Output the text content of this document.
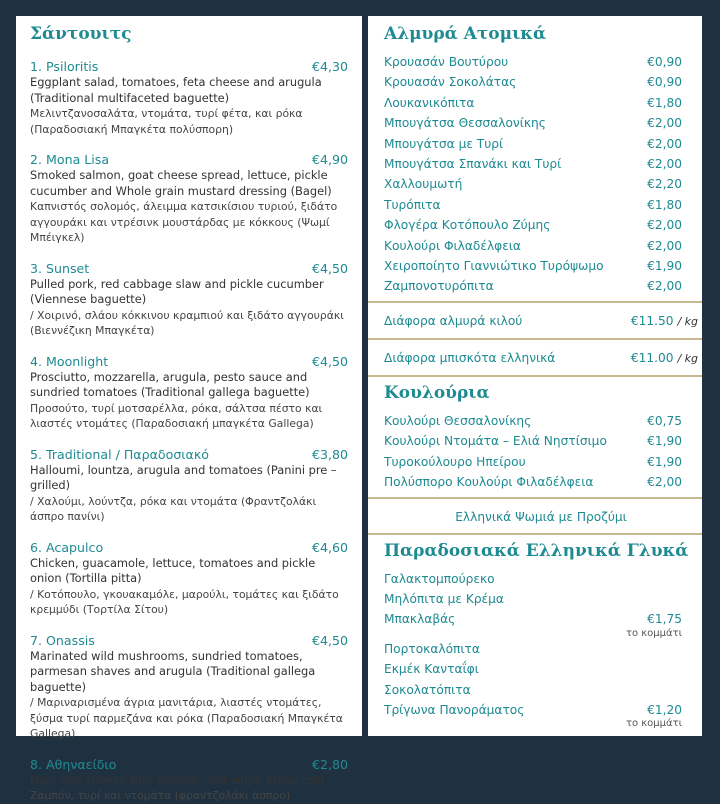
Σάντουιτς
1. Psiloritis	€4,30
Eggplant salad, tomatoes, feta cheese and arugula (Traditional multifaceted baguette)
Μελιντζανοσαλάτα, ντομάτα, τυρί φέτα, και ρόκα (Παραδοσιακή Μπαγκέτα πολύσπορη)
2. Mona Lisa	€4,90
Smoked salmon, goat cheese spread, lettuce, pickle cucumber and Whole grain mustard dressing (Bagel)
Καπνιστός σολομός, άλειμμα κατσικίσιου τυριού, ξιδάτο αγγουράκι και ντρέσινκ μουστάρδας με κόκκους (Ψωμί Μπέιγκελ)
3. Sunset	€4,50
Pulled pork, red cabbage slaw and pickle cucumber (Viennese baguette)
/ Χοιρινό, σλάου κόκκινου κραμπιού και ξιδάτο αγγουράκι (Βιεννέζικη Μπαγκέτα)
4. Moonlight	€4,50
Prosciutto, mozzarella, arugula, pesto sauce and sundried tomatoes (Traditional gallega baguette)
Προσούτο, τυρί μοτσαρέλλα, ρόκα, σάλτσα πέστο και λιαστές ντομάτες (Παραδοσιακή μπαγκέτα Gallega)
5. Traditional / Παραδοσιακό	€3,80
Halloumi, lountza, arugula and tomatoes (Panini pre – grilled)
/ Χαλούμι, λούντζα, ρόκα και ντομάτα (Φραντζολάκι άσπρο πανίνι)
6. Acapulco	€4,60
Chicken, guacamole, lettuce, tomatoes and pickle onion (Tortilla pitta)
/ Κοτόπουλο, γκουακαμόλε, μαρούλι, τομάτες και ξιδάτο κρεμμύδι (Τορτίλα Σίτου)
7. Onassis	€4,50
Marinated wild mushrooms, sundried tomatoes, parmesan shaves and arugula (Traditional gallega baguette)
/ Μαριναρισμένα άγρια μανιτάρια, λιαστές ντομάτες, ξύσμα τυρί παρμεζάνα και ρόκα (Παραδοσιακή Μπαγκέτα Gallega)
8. Αθηναείδιο	€2,80
Ham and cheese with tomato (soft white bread roll)
Ζαμπόν, τυρί και ντομάτα (φραντζολάκι άσπρο)
Αλμυρά Ατομικά
Κρουασάν Βουτύρου	€0,90
Κρουασάν Σοκολάτας	€0,90
Λουκανικόπιτα	€1,80
Μπουγάτσα Θεσσαλονίκης	€2,00
Μπουγάτσα με Τυρί	€2,00
Μπουγάτσα Σπανάκι και Τυρί	€2,00
Χαλλουμωτή	€2,20
Τυρόπιτα	€1,80
Φλογέρα Κοτόπουλο Ζύμης	€2,00
Κουλούρι Φιλαδέλφεια	€2,00
Χειροποίητο Γιαννιώτικο Τυρόψωμο	€1,90
Ζαμπονοτυρόπιτα	€2,00
Διάφορα αλμυρά κιλού	€11.50 / kg
Διάφορα μπισκότα ελληνικά	€11.00 / kg
Κουλούρια
Κουλούρι Θεσσαλονίκης	€0,75
Κουλούρι Ντομάτα – Ελιά Νηστίσιμο	€1,90
Τυροκούλουρο Ηπείρου	€1,90
Πολύσπορο Κουλούρι Φιλαδέλφεια	€2,00
Ελληνικά Ψωμιά με Προζύμι
Παραδοσιακά Ελληνικά Γλυκά
Γαλακτομπούρεκο
Μηλόπιτα με Κρέμα
Μπακλαβάς	€1,75
το κομμάτι
Πορτοκαλόπιτα
Εκμέκ Κανταΐφι
Σοκολατόπιτα
Τρίγωνα Πανοράματος	€1,20
το κομμάτι
